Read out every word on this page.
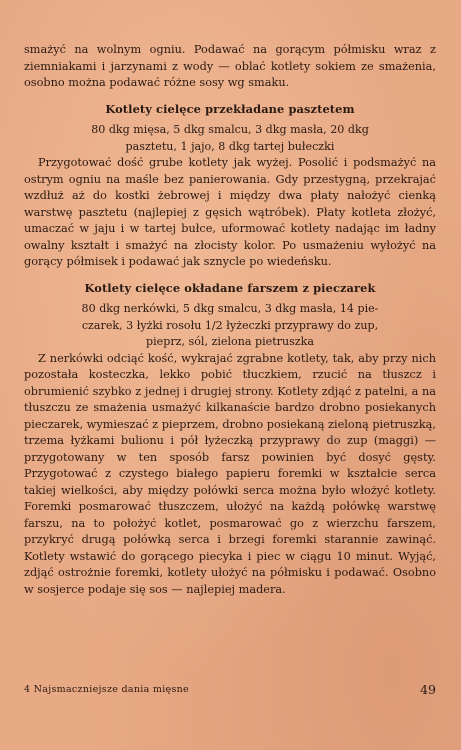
smażyć na wolnym ogniu. Podawać na gorącym półmisku wraz z ziemniakami i jarzynami z wody — oblać kotlety sokiem ze smażenia, osobno można podawać różne sosy wg smaku.

Kotlety cielęce przekładane pasztetem

80 dkg mięsa, 5 dkg smalcu, 3 dkg masła, 20 dkg

pasztetu, 1 jajo, 8 dkg tartej bułeczki

Przygotować dość grube kotlety jak wyżej. Posolić i podsmażyć na ostrym ogniu na maśle bez panierowania. Gdy przestygną, przekrajać wzdłuż aż do kostki żebrowej i między dwa płaty nałożyć cienką warstwę pasztetu (najlepiej z gęsich wątróbek). Płaty kotleta złożyć, umaczać w jaju i w tartej bułce, uformować kotlety nadając im ładny owalny kształt i smażyć na złocisty kolor. Po usmażeniu wyłożyć na gorący półmisek i podawać jak sznycle po wiedeńsku.

Kotlety cielęce okładane farszem z pieczarek

80 dkg nerkówki, 5 dkg smalcu, 3 dkg masła, 14 pie-

czarek, 3 łyżki rosołu 1/2 łyżeczki przyprawy do zup,

pieprz, sól, zielona pietruszka

Z nerkówki odciąć kość, wykrajać zgrabne kotlety, tak, aby przy nich pozostała kosteczka, lekko pobić tłuczkiem, rzucić na tłuszcz i obrumienić szybko z jednej i drugiej strony. Kotlety zdjąć z patelni, a na tłuszczu ze smażenia usmażyć kilkanaście bardzo drobno posiekanych pieczarek, wymieszać z pieprzem, drobno posiekaną zieloną pietruszką, trzema łyżkami bulionu i pół łyżeczką przyprawy do zup (maggi) — przygotowany w ten sposób farsz powinien być dosyć gęsty. Przygotować z czystego białego papieru foremki w kształcie serca takiej wielkości, aby między połówki serca można było włożyć kotlety. Foremki posmarować tłuszczem, ułożyć na każdą połówkę warstwę farszu, na to położyć kotlet, posmarować go z wierzchu farszem, przykryć drugą połówką serca i brzegi foremki starannie zawinąć. Kotlety wstawić do gorącego piecyka i piec w ciągu 10 minut. Wyjąć, zdjąć ostrożnie foremki, kotlety ułożyć na półmisku i podawać. Osobno w sosjerce podaje się sos — najlepiej madera.

4 Najsmaczniejsze dania mięsne	49
